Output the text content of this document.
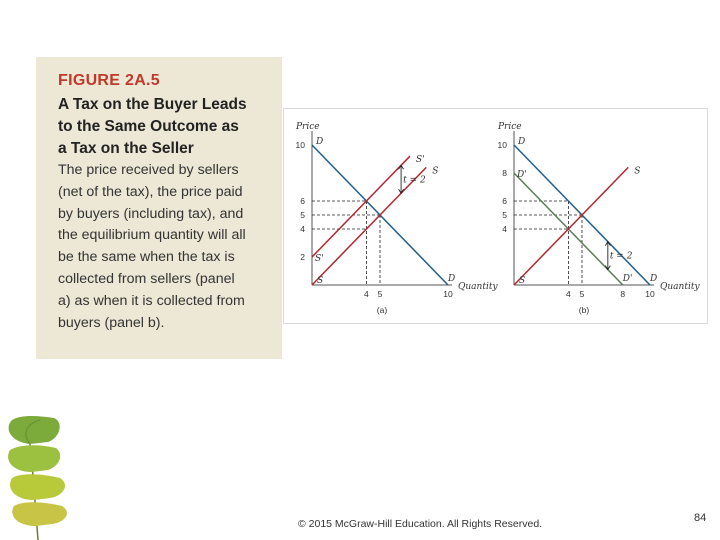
FIGURE 2A.5

A Tax on the Buyer Leads
to the Same Outcome as
a Tax on the Seller

The price received by sellers
(net of the tax), the price paid
by buyers (including tax), and
the equilibrium quantity will all
be the same when the tax is
collected from sellers (panel
a) as when it is collected from
buyers (panel b).

Price
Quantity
2
4
5
6
10
4 5	10
D
S
S'
S'
D
S
t = 2
(a)
Price
Quantity
4
5
6
8
10
4 5	8 10
D
D'
D'	S
D
S
t = 2
(b)
© 2015 McGraw-Hill Education. All Rights Reserved.	84
